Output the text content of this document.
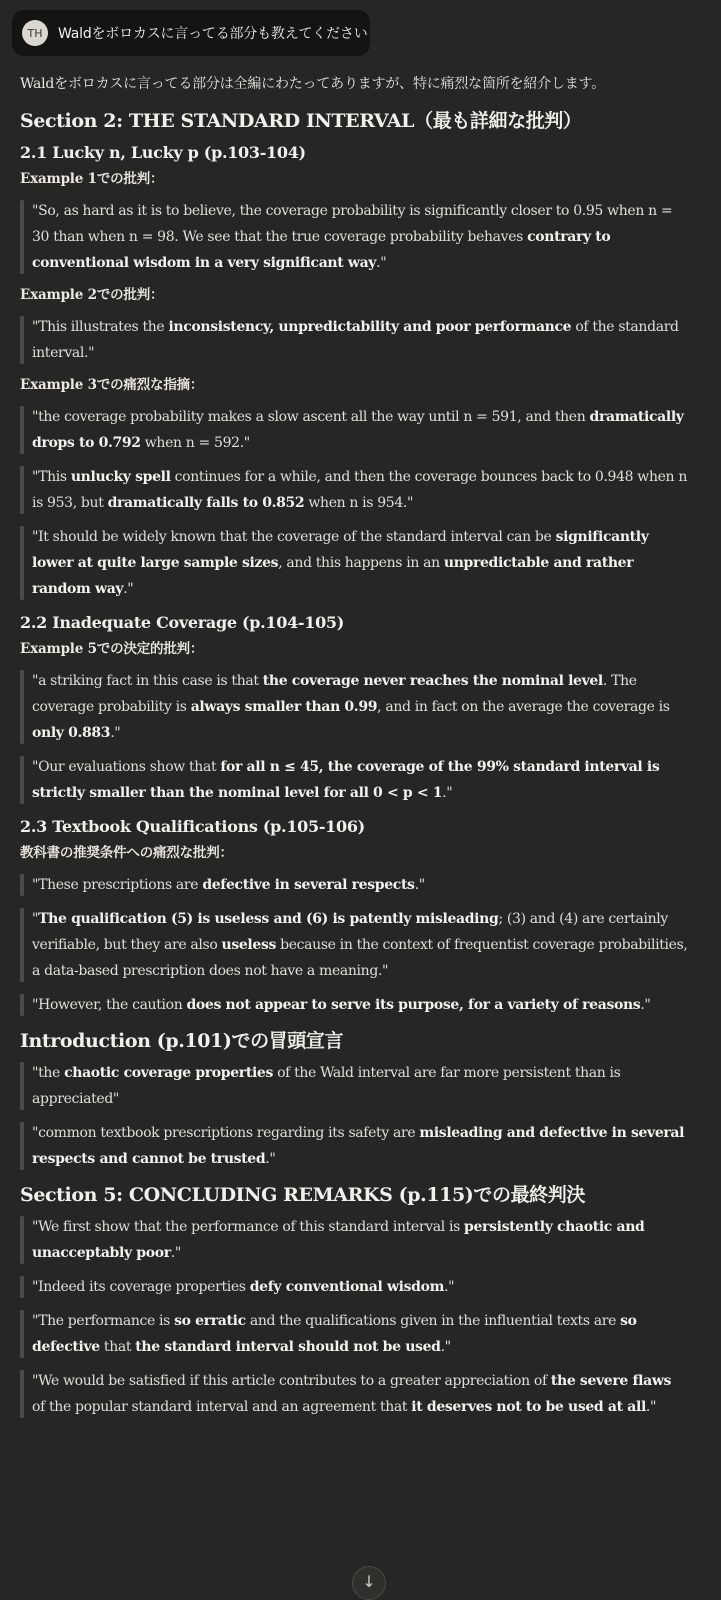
TH	Waldをボロカスに言ってる部分も教えてください

Waldをボロカスに言ってる部分は全編にわたってありますが、特に痛烈な箇所を紹介します。

Section 2: THE STANDARD INTERVAL（最も詳細な批判）
2.1 Lucky n, Lucky p (p.103-104)
Example 1での批判：
"So, as hard as it is to believe, the coverage probability is significantly closer to 0.95 when n = 30 than when n = 98. We see that the true coverage probability behaves contrary to conventional wisdom in a very significant way."
Example 2での批判：
"This illustrates the inconsistency, unpredictability and poor performance of the standard interval."
Example 3での痛烈な指摘：
"the coverage probability makes a slow ascent all the way until n = 591, and then dramatically drops to 0.792 when n = 592."
"This unlucky spell continues for a while, and then the coverage bounces back to 0.948 when n is 953, but dramatically falls to 0.852 when n is 954."
"It should be widely known that the coverage of the standard interval can be significantly lower at quite large sample sizes, and this happens in an unpredictable and rather random way."
2.2 Inadequate Coverage (p.104-105)
Example 5での決定的批判：
"a striking fact in this case is that the coverage never reaches the nominal level. The coverage probability is always smaller than 0.99, and in fact on the average the coverage is only 0.883."
"Our evaluations show that for all n ≤ 45, the coverage of the 99% standard interval is strictly smaller than the nominal level for all 0 < p < 1."
2.3 Textbook Qualifications (p.105-106)
教科書の推奨条件への痛烈な批判：
"These prescriptions are defective in several respects."
"The qualification (5) is useless and (6) is patently misleading; (3) and (4) are certainly verifiable, but they are also useless because in the context of frequentist coverage probabilities, a data-based prescription does not have a meaning."
"However, the caution does not appear to serve its purpose, for a variety of reasons."
Introduction (p.101)での冒頭宣言
"the chaotic coverage properties of the Wald interval are far more persistent than is appreciated"
"common textbook prescriptions regarding its safety are misleading and defective in several respects and cannot be trusted."
Section 5: CONCLUDING REMARKS (p.115)での最終判決
"We first show that the performance of this standard interval is persistently chaotic and unacceptably poor."
"Indeed its coverage properties defy conventional wisdom."
"The performance is so erratic and the qualifications given in the influential texts are so defective that the standard interval should not be used."
"We would be satisfied if this article contributes to a greater appreciation of the severe flaws of the popular standard interval and an agreement that it deserves not to be used at all."
↓
